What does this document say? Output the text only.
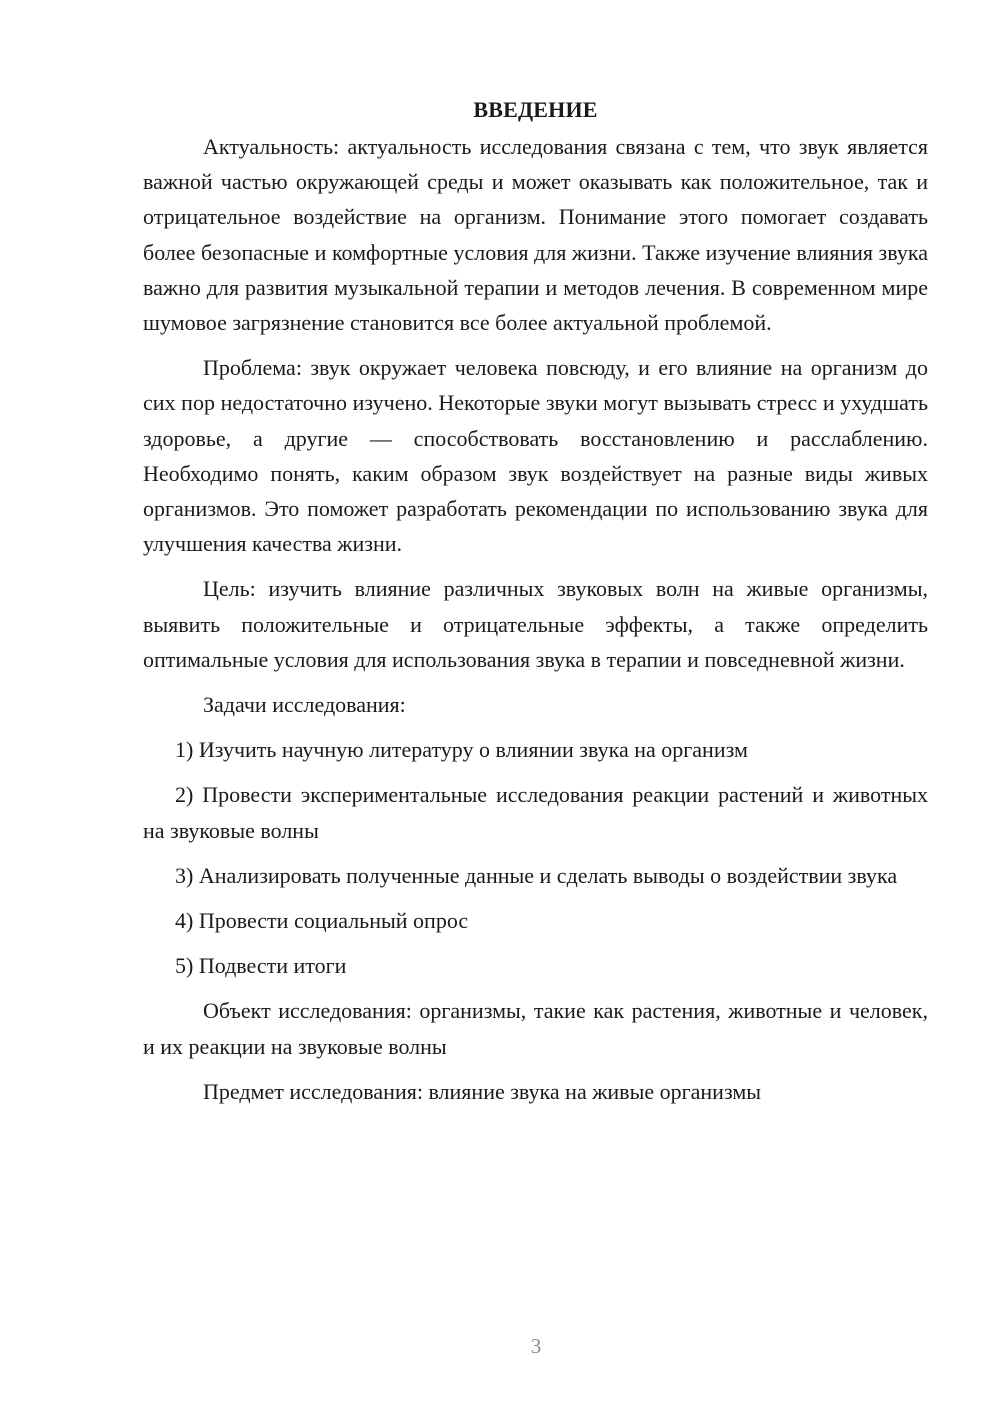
ВВЕДЕНИЕ

Актуальность: актуальность исследования связана с тем, что звук является важной частью окружающей среды и может оказывать как положительное, так и отрицательное воздействие на организм. Понимание этого помогает создавать более безопасные и комфортные условия для жизни. Также изучение влияния звука важно для развития музыкальной терапии и методов лечения. В современном мире шумовое загрязнение становится все более актуальной проблемой.

Проблема: звук окружает человека повсюду, и его влияние на организм до сих пор недостаточно изучено. Некоторые звуки могут вызывать стресс и ухудшать здоровье, а другие — способствовать восстановлению и расслаблению. Необходимо понять, каким образом звук воздействует на разные виды живых организмов. Это поможет разработать рекомендации по использованию звука для улучшения качества жизни.

Цель: изучить влияние различных звуковых волн на живые организмы, выявить положительные и отрицательные эффекты, а также определить оптимальные условия для использования звука в терапии и повседневной жизни.

Задачи исследования:

1) Изучить научную литературу о влиянии звука на организм

2) Провести экспериментальные исследования реакции растений и животных на звуковые волны

3) Анализировать полученные данные и сделать выводы о воздействии звука

4) Провести социальный опрос

5) Подвести итоги

Объект исследования: организмы, такие как растения, животные и человек, и их реакции на звуковые волны

Предмет исследования: влияние звука на живые организмы

3
